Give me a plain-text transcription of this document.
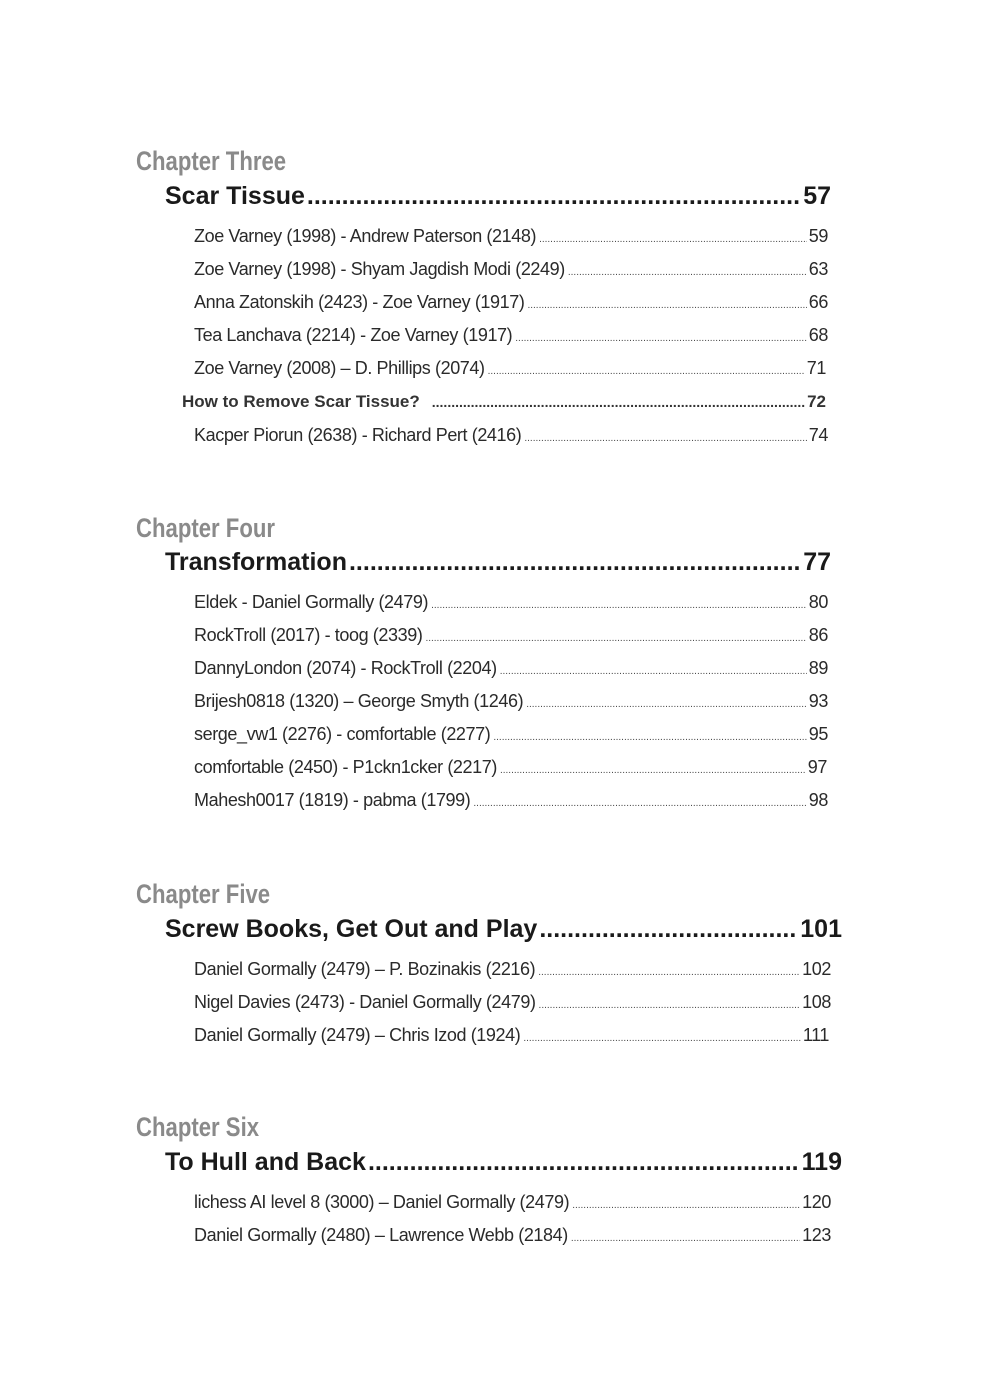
Chapter Three
Scar Tissue .....	57
Zoe Varney (1998) - Andrew Paterson (2148) .....	59
Zoe Varney (1998) - Shyam Jagdish Modi (2249) .....	63
Anna Zatonskih (2423) - Zoe Varney (1917) .....	66
Tea Lanchava (2214) - Zoe Varney (1917) .....	68
Zoe Varney (2008) – D. Phillips (2074) .....	71
How to Remove Scar Tissue? .....	72
Kacper Piorun (2638) - Richard Pert (2416) .....	74
Chapter Four
Transformation .....	77
Eldek - Daniel Gormally (2479) .....	80
RockTroll (2017) - toog (2339) .....	86
DannyLondon (2074) - RockTroll (2204) .....	89
Brijesh0818 (1320) – George Smyth (1246) .....	93
serge_vw1 (2276) - comfortable (2277) .....	95
comfortable (2450) - P1ckn1cker (2217) .....	97
Mahesh0017 (1819) - pabma (1799) .....	98
Chapter Five
Screw Books, Get Out and Play .....	101
Daniel Gormally (2479) – P. Bozinakis (2216) .....	102
Nigel Davies (2473) - Daniel Gormally (2479) .....	108
Daniel Gormally (2479) – Chris Izod (1924) .....	111
Chapter Six
To Hull and Back .....	119
lichess AI level 8 (3000) – Daniel Gormally (2479) .....	120
Daniel Gormally (2480) – Lawrence Webb (2184) .....	123
